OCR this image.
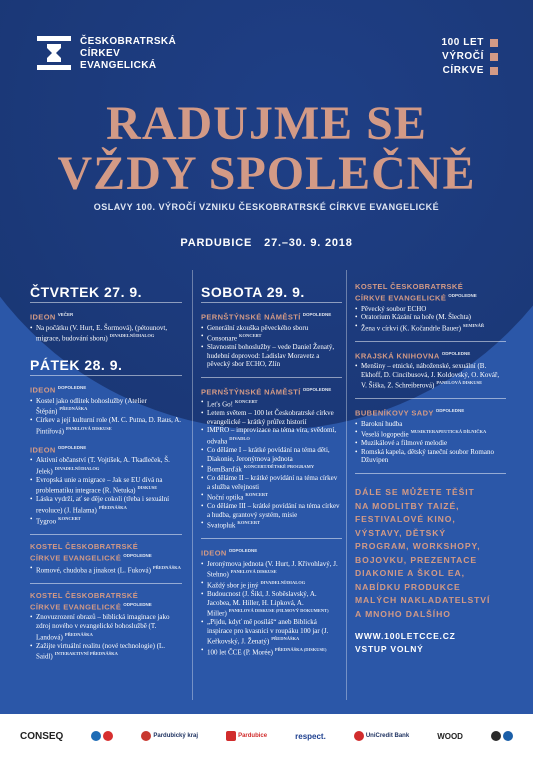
ČESKOBRATRSKÁ
CÍRKEV
EVANGELICKÁ
100 LET
VÝROČÍ
CÍRKVE
RADUJME SE
VŽDY SPOLEČNĚ
OSLAVY 100. VÝROČÍ VZNIKU ČESKOBRATRSKÉ CÍRKVE EVANGELICKÉ
PARDUBICE 27.–30. 9. 2018
ČTVRTEK 27. 9.
IDEON $^{VEČER}$
• Na počátku (V. Hurt, E. Šormová), (pétounovt, migrace, budování sboru) $^{DIVADELNÍ/DIALOG}$
PÁTEK 28. 9.
IDEON $^{DOPOLEDNE}$
• Kostel jako odlitek bohoslužby (Atelier Štěpán) $^{PŘEDNÁŠKA}$
• Církev a její kulturní role (M. C. Putna, D. Raus, A. Pintířová) $^{PANELOVÁ DISKUSE}$
IDEON $^{ODPOLEDNE}$
• Aktivní občanství (T. Vojtíšek, A. Tkadleček, Š. Jelek) $^{DIVADELNÍ/DIALOG}$
• Evropská unie a migrace – Jak se EU dívá na problematiku integrace (R. Netuka) $^{DISKUSE}$
• Láska vydrží, ať se děje cokoli (třeba i sexuální revoluce) (J. Halama) $^{PŘEDNÁŠKA}$
• Tygroo $^{KONCERT}$
KOSTEL ČESKOBRATRSKÉ
CÍRKVE EVANGELICKÉ $^{ODPOLEDNE}$
• Romové, chudoba a jinakost (L. Fuková) $^{PŘEDNÁŠKA}$
KOSTEL ČESKOBRATRSKÉ
CÍRKVE EVANGELICKÉ $^{ODPOLEDNE}$
• Znovuzrození obrazů – biblická imaginace jako zdroj nového v evangelické bohoslužbě (T. Landová) $^{PŘEDNÁŠKA}$
• Zažijte virtuální realitu (nové technologie) (L. Saidl) $^{INTERAKTIVNÍ PŘEDNÁŠKA}$
SOBOTA 29. 9.
PERNŠTÝNSKÉ NÁMĚSTÍ $^{DOPOLEDNE}$
• Generální zkouška pěveckého sboru
• Consonare $^{KONCERT}$
• Slavnostní bohoslužby – vede Daniel Ženatý, hudební doprovod: Ladislav Moravetz a pěvecký sbor ECHO, Zlín
PERNŠTÝNSKÉ NÁMĚSTÍ $^{ODPOLEDNE}$
• Let's Go! $^{KONCERT}$
• Letem světem – 100 let Českobratrské církve evangelické – krátký průřez historií
• IMPRO – improvizace na téma víra, svědomí, odvaha $^{DIVADLO}$
• Co děláme I – krátké povídání na téma děti, Diakonie, Jeronýmova jednota
• BomBarďák $^{KONCERT/DĚTSKÉ PROGRAMY}$
• Co děláme II – krátké povídání na téma církev a služba veřejnosti
• Noční optika $^{KONCERT}$
• Co děláme III – krátké povídání na téma církev a hudba, grantový systém, misie
• Svatopluk $^{KONCERT}$
IDEON $^{ODPOLEDNE}$
• Jeronýmova jednota (V. Hurt, J. Křivohlavý, J. Stehno) $^{PANELOVÁ DISKUSE}$
• Každý sbor je jiný $^{DIVADELNÍ/DIALOG}$
• Budoucnost (J. Šikl, J. Soběslavský, A. Jacobea, M. Hiller, H. Lipková, A. Miller) $^{PANELOVÁ DISKUSE (FILMOVÝ DOKUMENT)}$
• „Pijdu, kdyť mě posíláš“ aneb Biblická inspirace pro kvasnici v roupáku 100 jar (J. Keřkovský, J. Ženatý) $^{PŘEDNÁŠKA}$
• 100 let ČCE (P. Morée) $^{PŘEDNÁŠKA (DISKUSE)}$
KOSTEL ČESKOBRATRSKÉ
CÍRKVE EVANGELICKÉ $^{ODPOLEDNE}$
• Pěvecký soubor ECHO
• Oratorium Kázání na hoře (M. Šlechta)
• Žena v církvi (K. Kočandrle Bauer) $^{SEMINÁŘ}$
KRAJSKÁ KNIHOVNA $^{ODPOLEDNE}$
• Menšiny – etnické, náboženské, sexuální (B. Ekhoff, D. Cincibusová, J. Koldovský, O. Kovář, V. Šiška, Z. Schreiberová) $^{PANELOVÁ DISKUSE}$
BUBENÍKOVY SADY $^{ODPOLEDNE}$
• Barokní hudba
• Veselá logopedie $^{MUSIKTERAPEUTICKÁ DÍLNIČKA}$
• Muzikálové a filmové melodie
• Romská kapela, dětský taneční soubor Romano Džuvipen
DÁLE SE MŮŽETE TĚŠIT
NA MODLITBY TAIZÉ,
FESTIVALOVÉ KINO,
VÝSTAVY, DĚTSKÝ
PROGRAM, WORKSHOPY,
BOJOVKU, PREZENTACE
DIAKONIE A ŠKOL EA,
NABÍDKU PRODUKCE
MALÝCH NAKLADATELSTVÍ
A MNOHO DALŠÍHO
WWW.100LETCCE.CZ
VSTUP VOLNÝ
CONSEQ	Pardubický kraj	Pardubice	respect.	UniCredit Bank	WOOD
